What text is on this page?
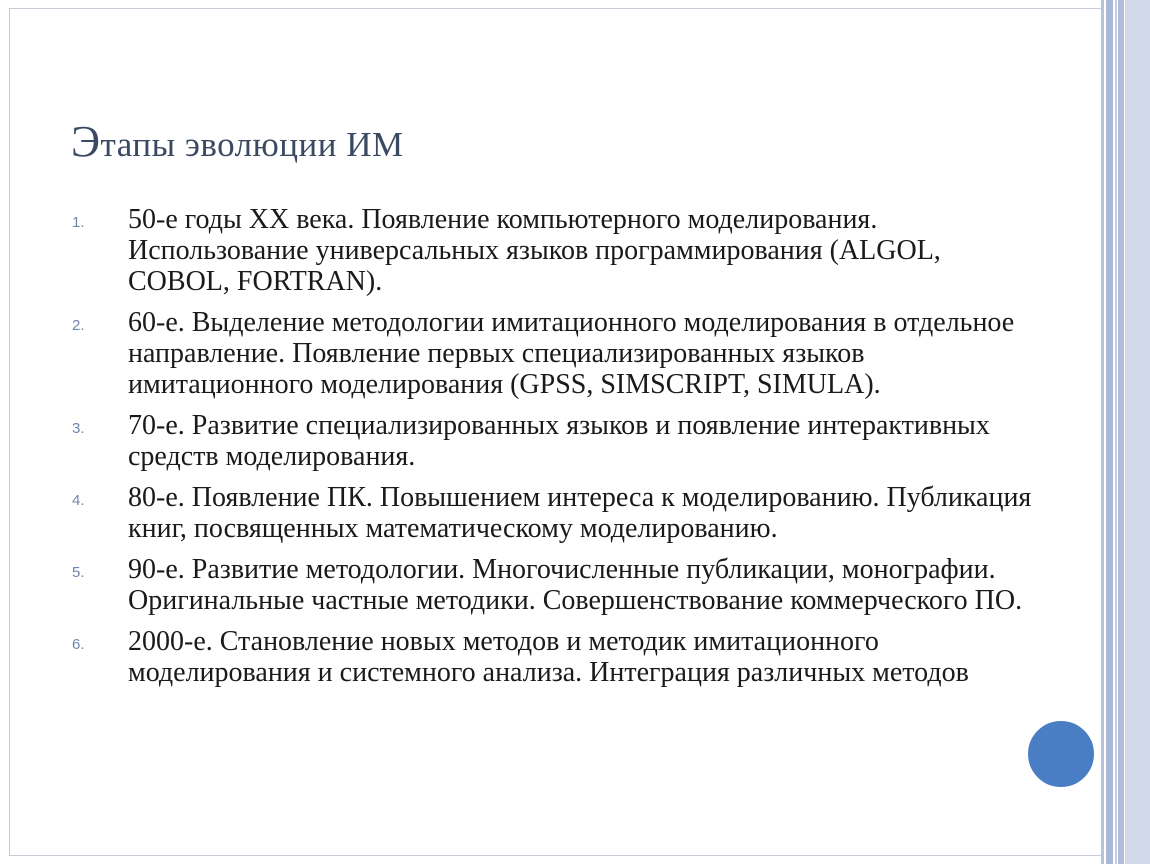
Этапы эволюции ИМ
1. 50-е годы XX века. Появление компьютерного моделирования. Использование универсальных языков программирования (ALGOL, COBOL, FORTRAN).
2. 60-е. Выделение методологии имитационного моделирования в отдельное направление. Появление первых специализированных языков имитационного моделирования (GPSS, SIMSCRIPT, SIMULA).
3. 70-е. Развитие специализированных языков и появление интерактивных средств моделирования.
4. 80-е. Появление ПК. Повышением интереса к моделированию. Публикация книг, посвященных математическому моделированию.
5. 90-е. Развитие методологии. Многочисленные публикации, монографии. Оригинальные частные методики. Совершенствование коммерческого ПО.
6. 2000-е. Становление новых методов и методик имитационного моделирования и системного анализа. Интеграция различных методов
